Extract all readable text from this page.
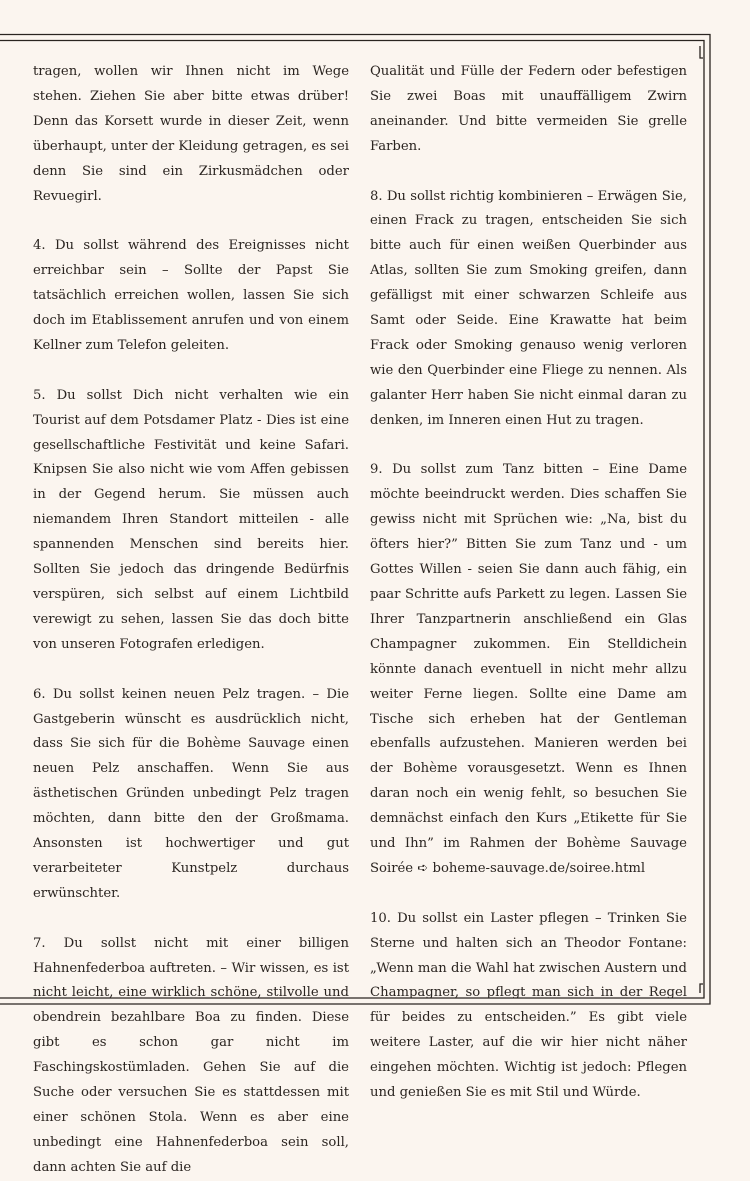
tragen, wollen wir Ihnen nicht im Wege stehen. Ziehen Sie aber bitte etwas drüber! Denn das Korsett wurde in dieser Zeit, wenn überhaupt, unter der Kleidung getragen, es sei denn Sie sind ein Zirkusmädchen oder Revuegirl.

4. Du sollst während des Ereignisses nicht erreichbar sein – Sollte der Papst Sie tatsächlich erreichen wollen, lassen Sie sich doch im Etablissement anrufen und von einem Kellner zum Telefon geleiten.

5. Du sollst Dich nicht verhalten wie ein Tourist auf dem Potsdamer Platz - Dies ist eine gesellschaftliche Festivität und keine Safari. Knipsen Sie also nicht wie vom Affen gebissen in der Gegend herum. Sie müssen auch niemandem Ihren Standort mitteilen - alle spannenden Menschen sind bereits hier. Sollten Sie jedoch das dringende Bedürfnis verspüren, sich selbst auf einem Lichtbild verewigt zu sehen, lassen Sie das doch bitte von unseren Fotografen erledigen.

6. Du sollst keinen neuen Pelz tragen. – Die Gastgeberin wünscht es ausdrücklich nicht, dass Sie sich für die Bohème Sauvage einen neuen Pelz anschaffen. Wenn Sie aus ästhetischen Gründen unbedingt Pelz tragen möchten, dann bitte den der Großmama. Ansonsten ist hochwertiger und gut verarbeiteter Kunstpelz durchaus erwünschter.

7. Du sollst nicht mit einer billigen Hahnenfederboa auftreten. – Wir wissen, es ist nicht leicht, eine wirklich schöne, stilvolle und obendrein bezahlbare Boa zu finden. Diese gibt es schon gar nicht im Faschingskostümladen. Gehen Sie auf die Suche oder versuchen Sie es stattdessen mit einer schönen Stola. Wenn es aber eine unbedingt eine Hahnenfederboa sein soll, dann achten Sie auf die

Qualität und Fülle der Federn oder befestigen Sie zwei Boas mit unauffälligem Zwirn aneinander. Und bitte vermeiden Sie grelle Farben.

8. Du sollst richtig kombinieren – Erwägen Sie, einen Frack zu tragen, entscheiden Sie sich bitte auch für einen weißen Querbinder aus Atlas, sollten Sie zum Smoking greifen, dann gefälligst mit einer schwarzen Schleife aus Samt oder Seide. Eine Krawatte hat beim Frack oder Smoking genauso wenig verloren wie den Querbinder eine Fliege zu nennen. Als galanter Herr haben Sie nicht einmal daran zu denken, im Inneren einen Hut zu tragen.

9. Du sollst zum Tanz bitten – Eine Dame möchte beeindruckt werden. Dies schaffen Sie gewiss nicht mit Sprüchen wie: „Na, bist du öfters hier?” Bitten Sie zum Tanz und - um Gottes Willen - seien Sie dann auch fähig, ein paar Schritte aufs Parkett zu legen. Lassen Sie Ihrer Tanzpartnerin anschließend ein Glas Champagner zukommen. Ein Stelldichein könnte danach eventuell in nicht mehr allzu weiter Ferne liegen. Sollte eine Dame am Tische sich erheben hat der Gentleman ebenfalls aufzustehen. Manieren werden bei der Bohème vorausgesetzt. Wenn es Ihnen daran noch ein wenig fehlt, so besuchen Sie demnächst einfach den Kurs „Etikette für Sie und Ihn” im Rahmen der Bohème Sauvage Soirée ➪ boheme-sauvage.de/soiree.html

10. Du sollst ein Laster pflegen – Trinken Sie Sterne und halten sich an Theodor Fontane: „Wenn man die Wahl hat zwischen Austern und Champagner, so pflegt man sich in der Regel für beides zu entscheiden.” Es gibt viele weitere Laster, auf die wir hier nicht näher eingehen möchten. Wichtig ist jedoch: Pflegen und genießen Sie es mit Stil und Würde.
